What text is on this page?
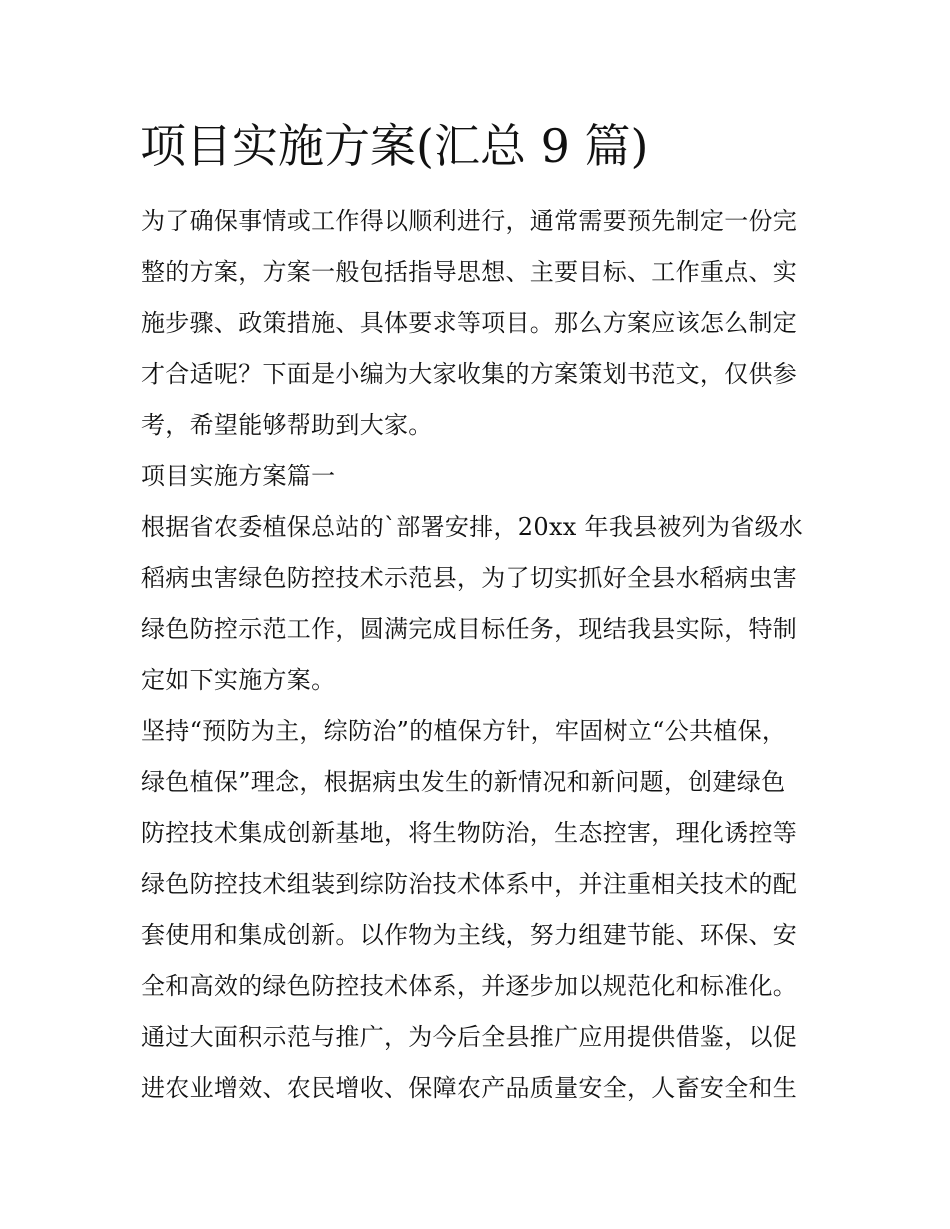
项目实施方案(汇总 9 篇)
为了确保事情或工作得以顺利进行，通常需要预先制定一份完
整的方案，方案一般包括指导思想、主要目标、工作重点、实
施步骤、政策措施、具体要求等项目。那么方案应该怎么制定
才合适呢？下面是小编为大家收集的方案策划书范文，仅供参
考，希望能够帮助到大家。
项目实施方案篇一
根据省农委植保总站的`部署安排，20xx 年我县被列为省级水
稻病虫害绿色防控技术示范县，为了切实抓好全县水稻病虫害
绿色防控示范工作，圆满完成目标任务，现结我县实际，特制
定如下实施方案。
坚持“预防为主，综防治”的植保方针，牢固树立“公共植保，
绿色植保”理念，根据病虫发生的新情况和新问题，创建绿色
防控技术集成创新基地，将生物防治，生态控害，理化诱控等
绿色防控技术组装到综防治技术体系中，并注重相关技术的配
套使用和集成创新。以作物为主线，努力组建节能、环保、安
全和高效的绿色防控技术体系，并逐步加以规范化和标准化。
通过大面积示范与推广，为今后全县推广应用提供借鉴，以促
进农业增效、农民增收、保障农产品质量安全，人畜安全和生
